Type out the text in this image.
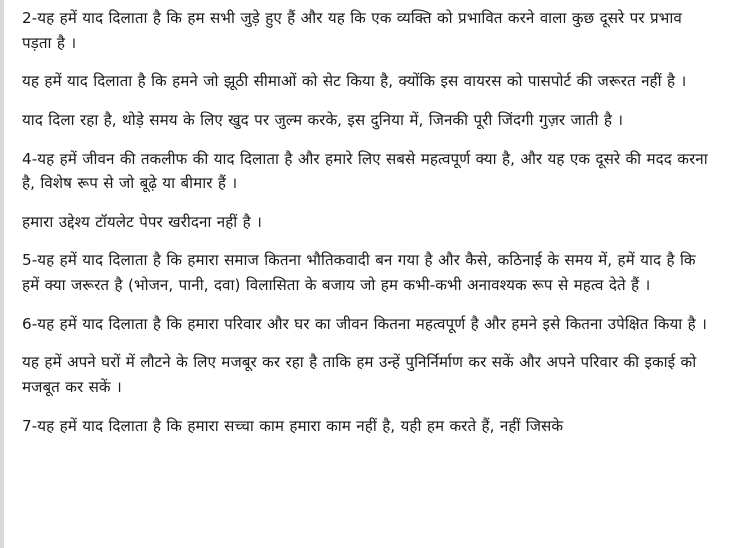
2-यह हमें याद दिलाता है कि हम सभी जुड़े हुए हैं और यह कि एक व्यक्ति को प्रभावित करने वाला कुछ दूसरे पर प्रभाव पड़ता है ।

यह हमें याद दिलाता है कि हमने जो झूठी सीमाओं को सेट किया है, क्योंकि इस वायरस को पासपोर्ट की जरूरत नहीं है ।

याद दिला रहा है, थोड़े समय के लिए खुद पर जुल्म करके, इस दुनिया में, जिनकी पूरी जिंदगी गुज़र जाती है ।

4-यह हमें जीवन की तकलीफ की याद दिलाता है और हमारे लिए सबसे महत्वपूर्ण क्या है, और यह एक दूसरे की मदद करना है, विशेष रूप से जो बूढ़े या बीमार हैं ।

हमारा उद्देश्य टॉयलेट पेपर खरीदना नहीं है ।

5-यह हमें याद दिलाता है कि हमारा समाज कितना भौतिकवादी बन गया है और कैसे, कठिनाई के समय में, हमें याद है कि हमें क्या जरूरत है (भोजन, पानी, दवा) विलासिता के बजाय जो हम कभी-कभी अनावश्यक रूप से महत्व देते हैं ।

6-यह हमें याद दिलाता है कि हमारा परिवार और घर का जीवन कितना महत्वपूर्ण है और हमने इसे कितना उपेक्षित किया है ।

यह हमें अपने घरों में लौटने के लिए मजबूर कर रहा है ताकि हम उन्हें पुनिर्निर्माण कर सकें और अपने परिवार की इकाई को मजबूत कर सकें ।

7-यह हमें याद दिलाता है कि हमारा सच्चा काम हमारा काम नहीं है, यही हम करते हैं, नहीं जिसके
